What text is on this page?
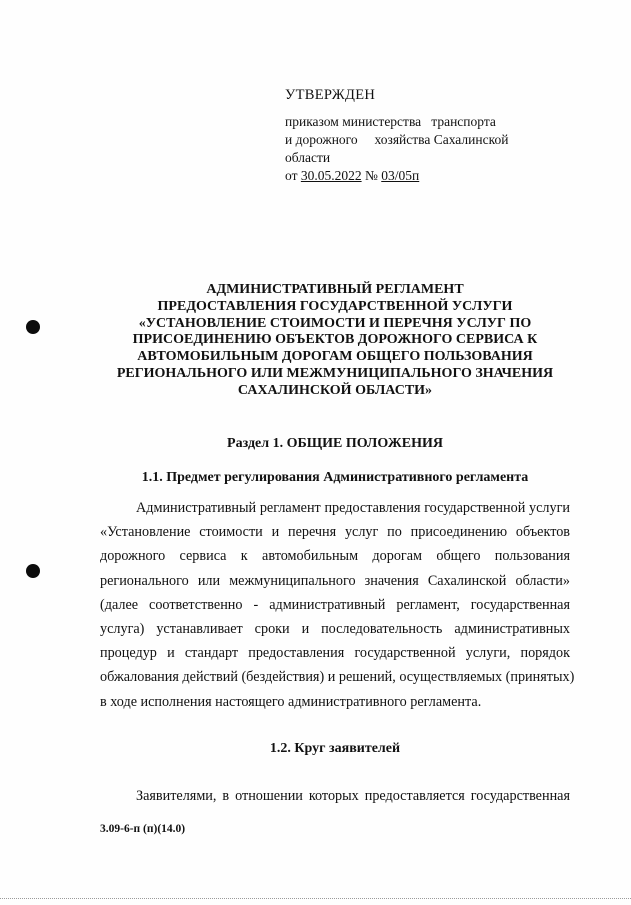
УТВЕРЖДЕН
приказом министерства   транспорта
и дорожного     хозяйства Сахалинской
области
от 30.05.2022 № 03/05п
АДМИНИСТРАТИВНЫЙ РЕГЛАМЕНТ
ПРЕДОСТАВЛЕНИЯ ГОСУДАРСТВЕННОЙ УСЛУГИ
«УСТАНОВЛЕНИЕ СТОИМОСТИ И ПЕРЕЧНЯ УСЛУГ ПО
ПРИСОЕДИНЕНИЮ ОБЪЕКТОВ ДОРОЖНОГО СЕРВИСА К
АВТОМОБИЛЬНЫМ ДОРОГАМ ОБЩЕГО ПОЛЬЗОВАНИЯ
РЕГИОНАЛЬНОГО ИЛИ МЕЖМУНИЦИПАЛЬНОГО ЗНАЧЕНИЯ
САХАЛИНСКОЙ ОБЛАСТИ»
Раздел 1. ОБЩИЕ ПОЛОЖЕНИЯ
1.1. Предмет регулирования Административного регламента
Административный регламент предоставления государственной услуги
«Установление стоимости и перечня услуг по присоединению объектов
дорожного сервиса к автомобильным дорогам общего пользования
регионального или межмуниципального значения Сахалинской области»
(далее соответственно - административный регламент, государственная
услуга) устанавливает сроки и последовательность административных
процедур и стандарт предоставления государственной услуги, порядок
обжалования действий (бездействия) и решений, осуществляемых (принятых)
в ходе исполнения настоящего административного регламента.
1.2. Круг заявителей
Заявителями, в отношении которых предоставляется государственная
3.09-6-п (п)(14.0)
